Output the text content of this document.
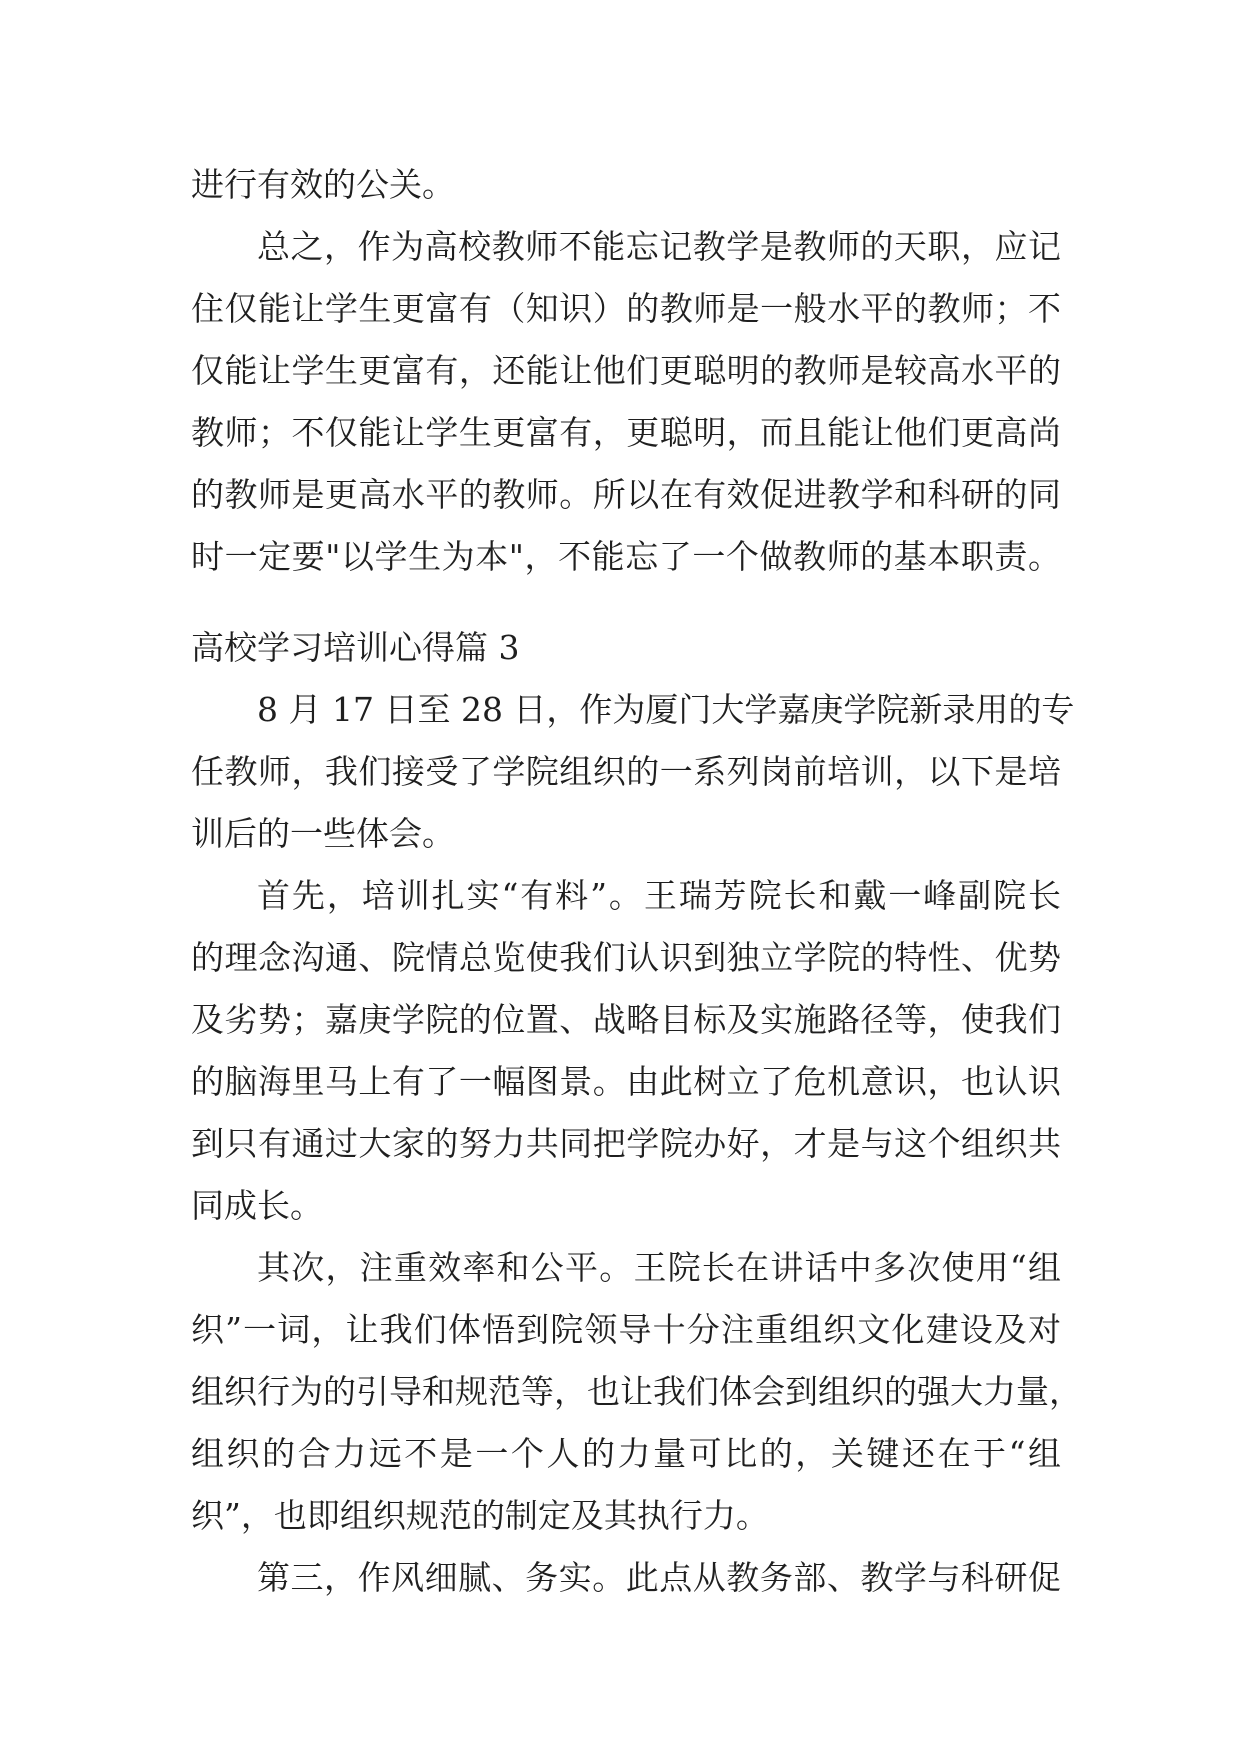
进行有效的公关。
总之，作为高校教师不能忘记教学是教师的天职，应记
住仅能让学生更富有（知识）的教师是一般水平的教师；不
仅能让学生更富有，还能让他们更聪明的教师是较高水平的
教师；不仅能让学生更富有，更聪明，而且能让他们更高尚
的教师是更高水平的教师。所以在有效促进教学和科研的同
时一定要"以学生为本"，不能忘了一个做教师的基本职责。
高校学习培训心得篇 3
8 月 17 日至 28 日，作为厦门大学嘉庚学院新录用的专
任教师，我们接受了学院组织的一系列岗前培训，以下是培
训后的一些体会。
首先，培训扎实“有料”。王瑞芳院长和戴一峰副院长
的理念沟通、院情总览使我们认识到独立学院的特性、优势
及劣势；嘉庚学院的位置、战略目标及实施路径等，使我们
的脑海里马上有了一幅图景。由此树立了危机意识，也认识
到只有通过大家的努力共同把学院办好，才是与这个组织共
同成长。
其次，注重效率和公平。王院长在讲话中多次使用“组
织”一词，让我们体悟到院领导十分注重组织文化建设及对
组织行为的引导和规范等，也让我们体会到组织的强大力量，
组织的合力远不是一个人的力量可比的，关键还在于“组
织”，也即组织规范的制定及其执行力。
第三，作风细腻、务实。此点从教务部、教学与科研促
